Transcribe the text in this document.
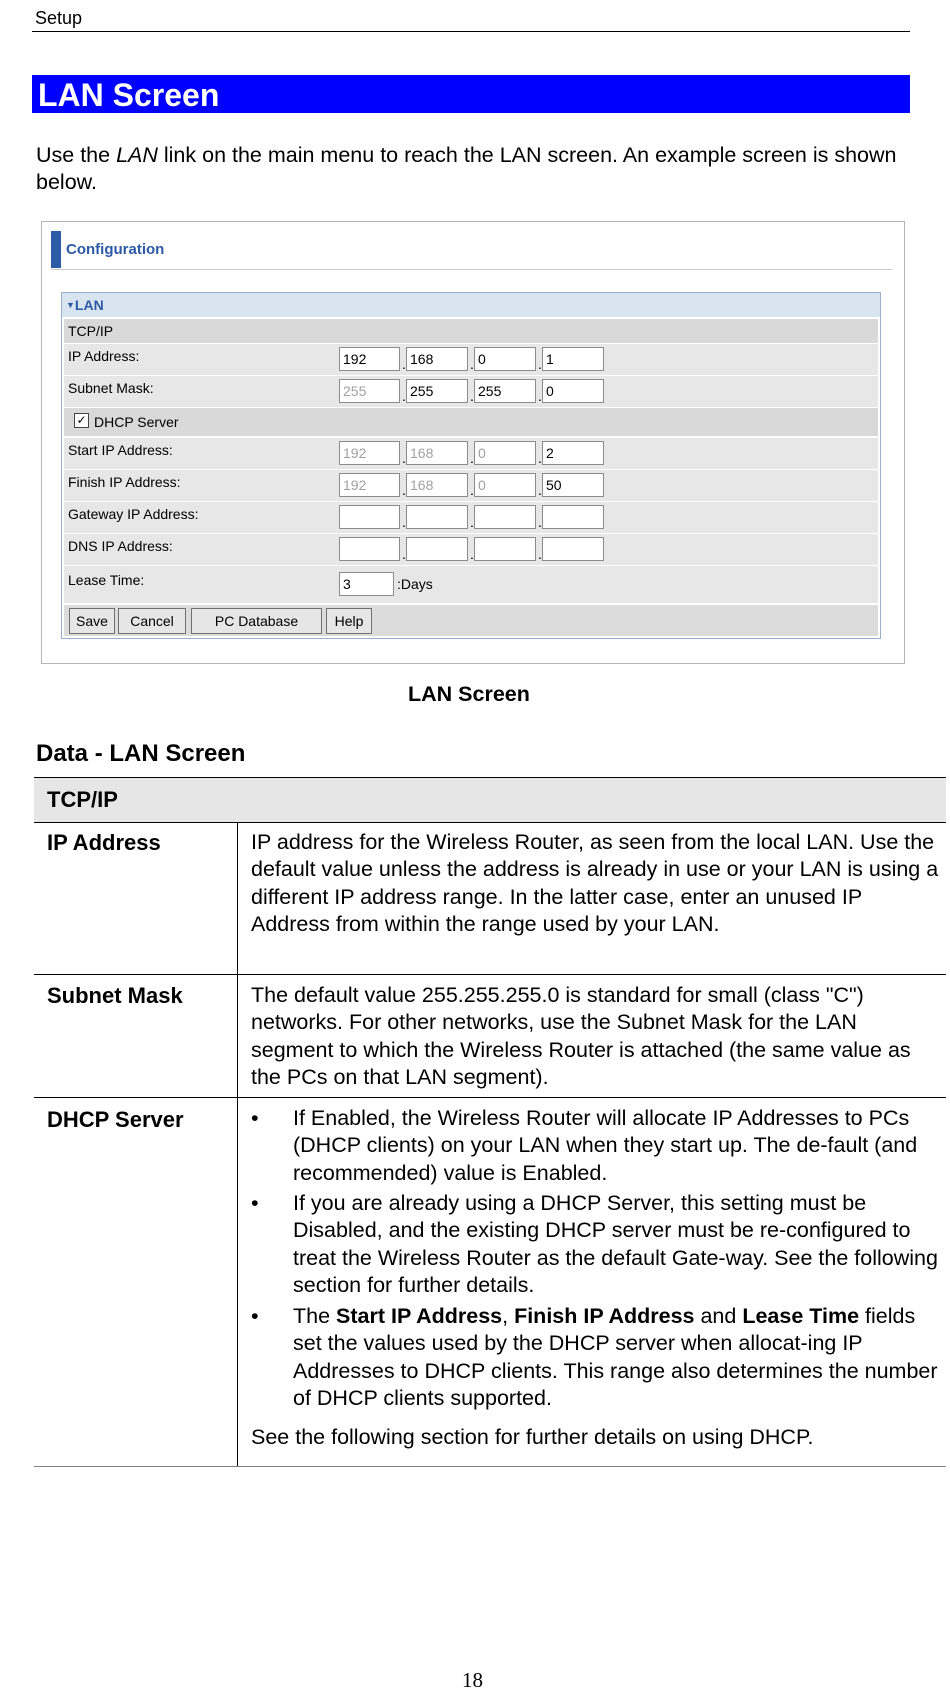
Setup
LAN Screen
Use the LAN link on the main menu to reach the LAN screen. An example screen is shown below.
Configuration
▼LAN
TCP/IP
IP Address:	192	. 168	. 0	. 1
Subnet Mask:	255	. 255	. 255	. 0
✓ DHCP Server
Start IP Address:	192	. 168	. 0	. 2
Finish IP Address:	192	. 168	. 0	. 50
Gateway IP Address:	.	.	.
DNS IP Address:	.	.	.
Lease Time:	3	:Days
Save	Cancel	PC Database	Help
LAN Screen
Data - LAN Screen
TCP/IP
IP Address	IP address for the Wireless Router, as seen from the local LAN. Use the default value unless the address is already in use or your LAN is using a different IP address range. In the latter case, enter an unused IP Address from within the range used by your LAN.
Subnet Mask	The default value 255.255.255.0 is standard for small (class "C") networks. For other networks, use the Subnet Mask for the LAN segment to which the Wireless Router is attached (the same value as the PCs on that LAN segment).
DHCP Server	• If Enabled, the Wireless Router will allocate IP Addresses to PCs (DHCP clients) on your LAN when they start up. The de-fault (and recommended) value is Enabled.
• If you are already using a DHCP Server, this setting must be Disabled, and the existing DHCP server must be re-configured to treat the Wireless Router as the default Gate-way. See the following section for further details.
• The Start IP Address, Finish IP Address and Lease Time fields set the values used by the DHCP server when allocat-ing IP Addresses to DHCP clients. This range also determines the number of DHCP clients supported.
See the following section for further details on using DHCP.
18
